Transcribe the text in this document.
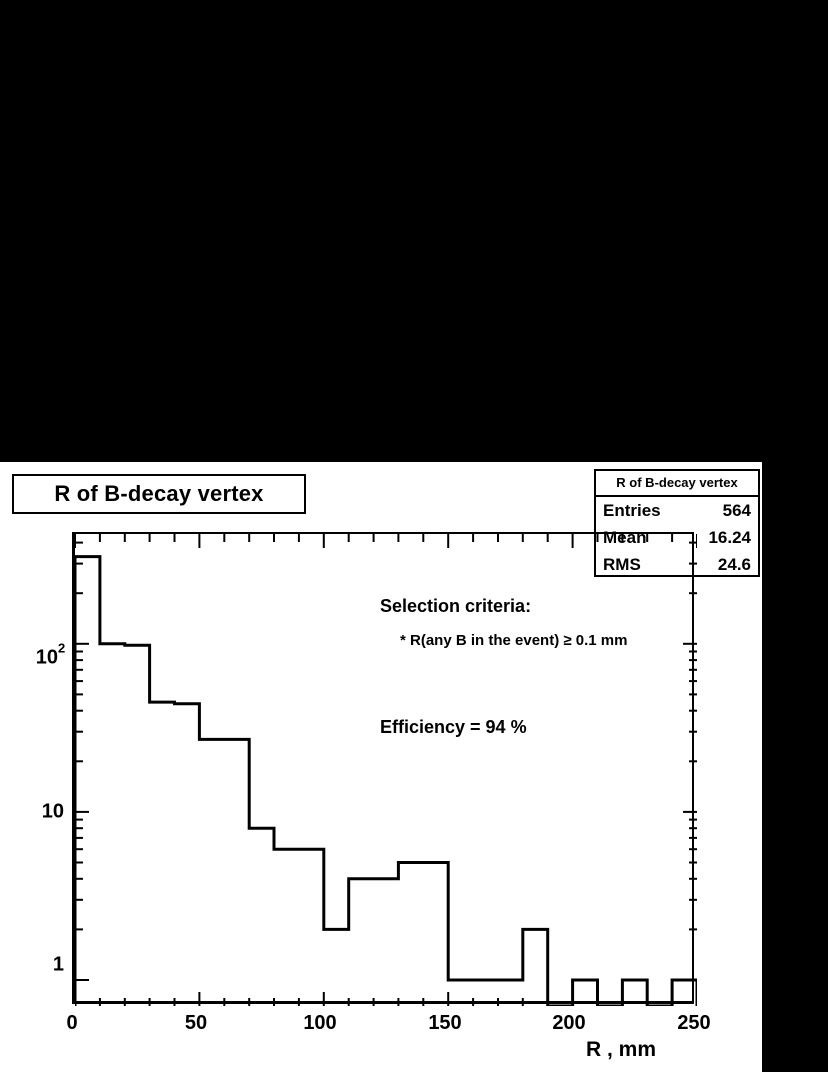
R of B-decay vertex	R of B-decay vertex
Entries	564
Mean	16.24
RMS	24.6
R , mm
Selection criteria:
* R(any B in the event) ≥ 0.1 mm
Efficiency = 94 %
0	50	100	150	200	250
1
10
10 2
